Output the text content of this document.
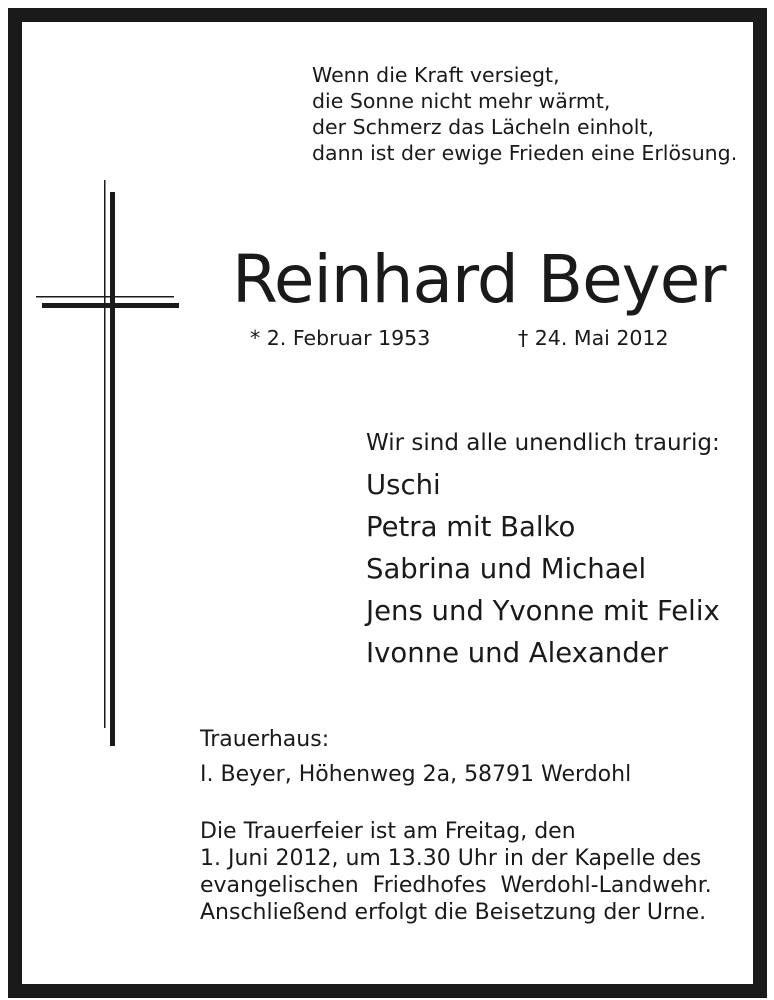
Wenn die Kraft versiegt,
die Sonne nicht mehr wärmt,
der Schmerz das Lächeln einholt,
dann ist der ewige Frieden eine Erlösung.
Reinhard Beyer
* 2. Februar 1953	† 24. Mai 2012
Wir sind alle unendlich traurig:
Uschi
Petra mit Balko
Sabrina und Michael
Jens und Yvonne mit Felix
Ivonne und Alexander
Trauerhaus:
I. Beyer, Höhenweg 2a, 58791 Werdohl
Die Trauerfeier ist am Freitag, den
1. Juni 2012, um 13.30 Uhr in der Kapelle des
evangelischen  Friedhofes  Werdohl-Landwehr.
Anschließend erfolgt die Beisetzung der Urne.
